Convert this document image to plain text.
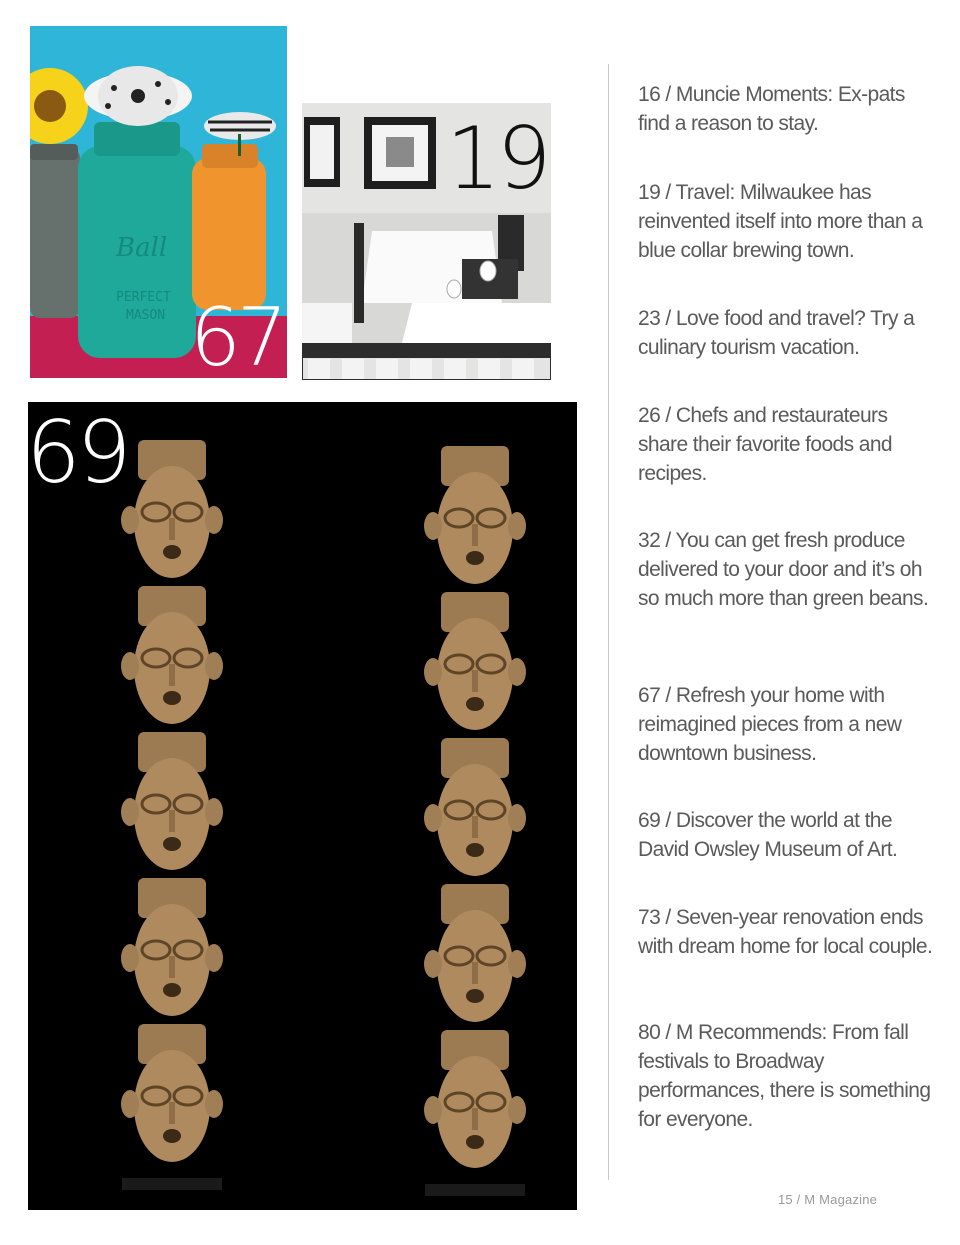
Ball
PERFECT
MASON 67
19
69
16 / Muncie Moments: Ex-pats find a reason to stay.
19 / Travel: Milwaukee has reinvented itself into more than a blue collar brewing town.
23 / Love food and travel? Try a culinary tourism vacation.
26 / Chefs and restaurateurs share their favorite foods and recipes.
32 / You can get fresh produce delivered to your door and it’s oh so much more than green beans.
67 / Refresh your home with reimagined pieces from a new downtown business.
69 / Discover the world at the David Owsley Museum of Art.
73 / Seven-year renovation ends with dream home for local couple.
80 / M Recommends: From fall festivals to Broadway performances, there is something for everyone.
15 / M Magazine
